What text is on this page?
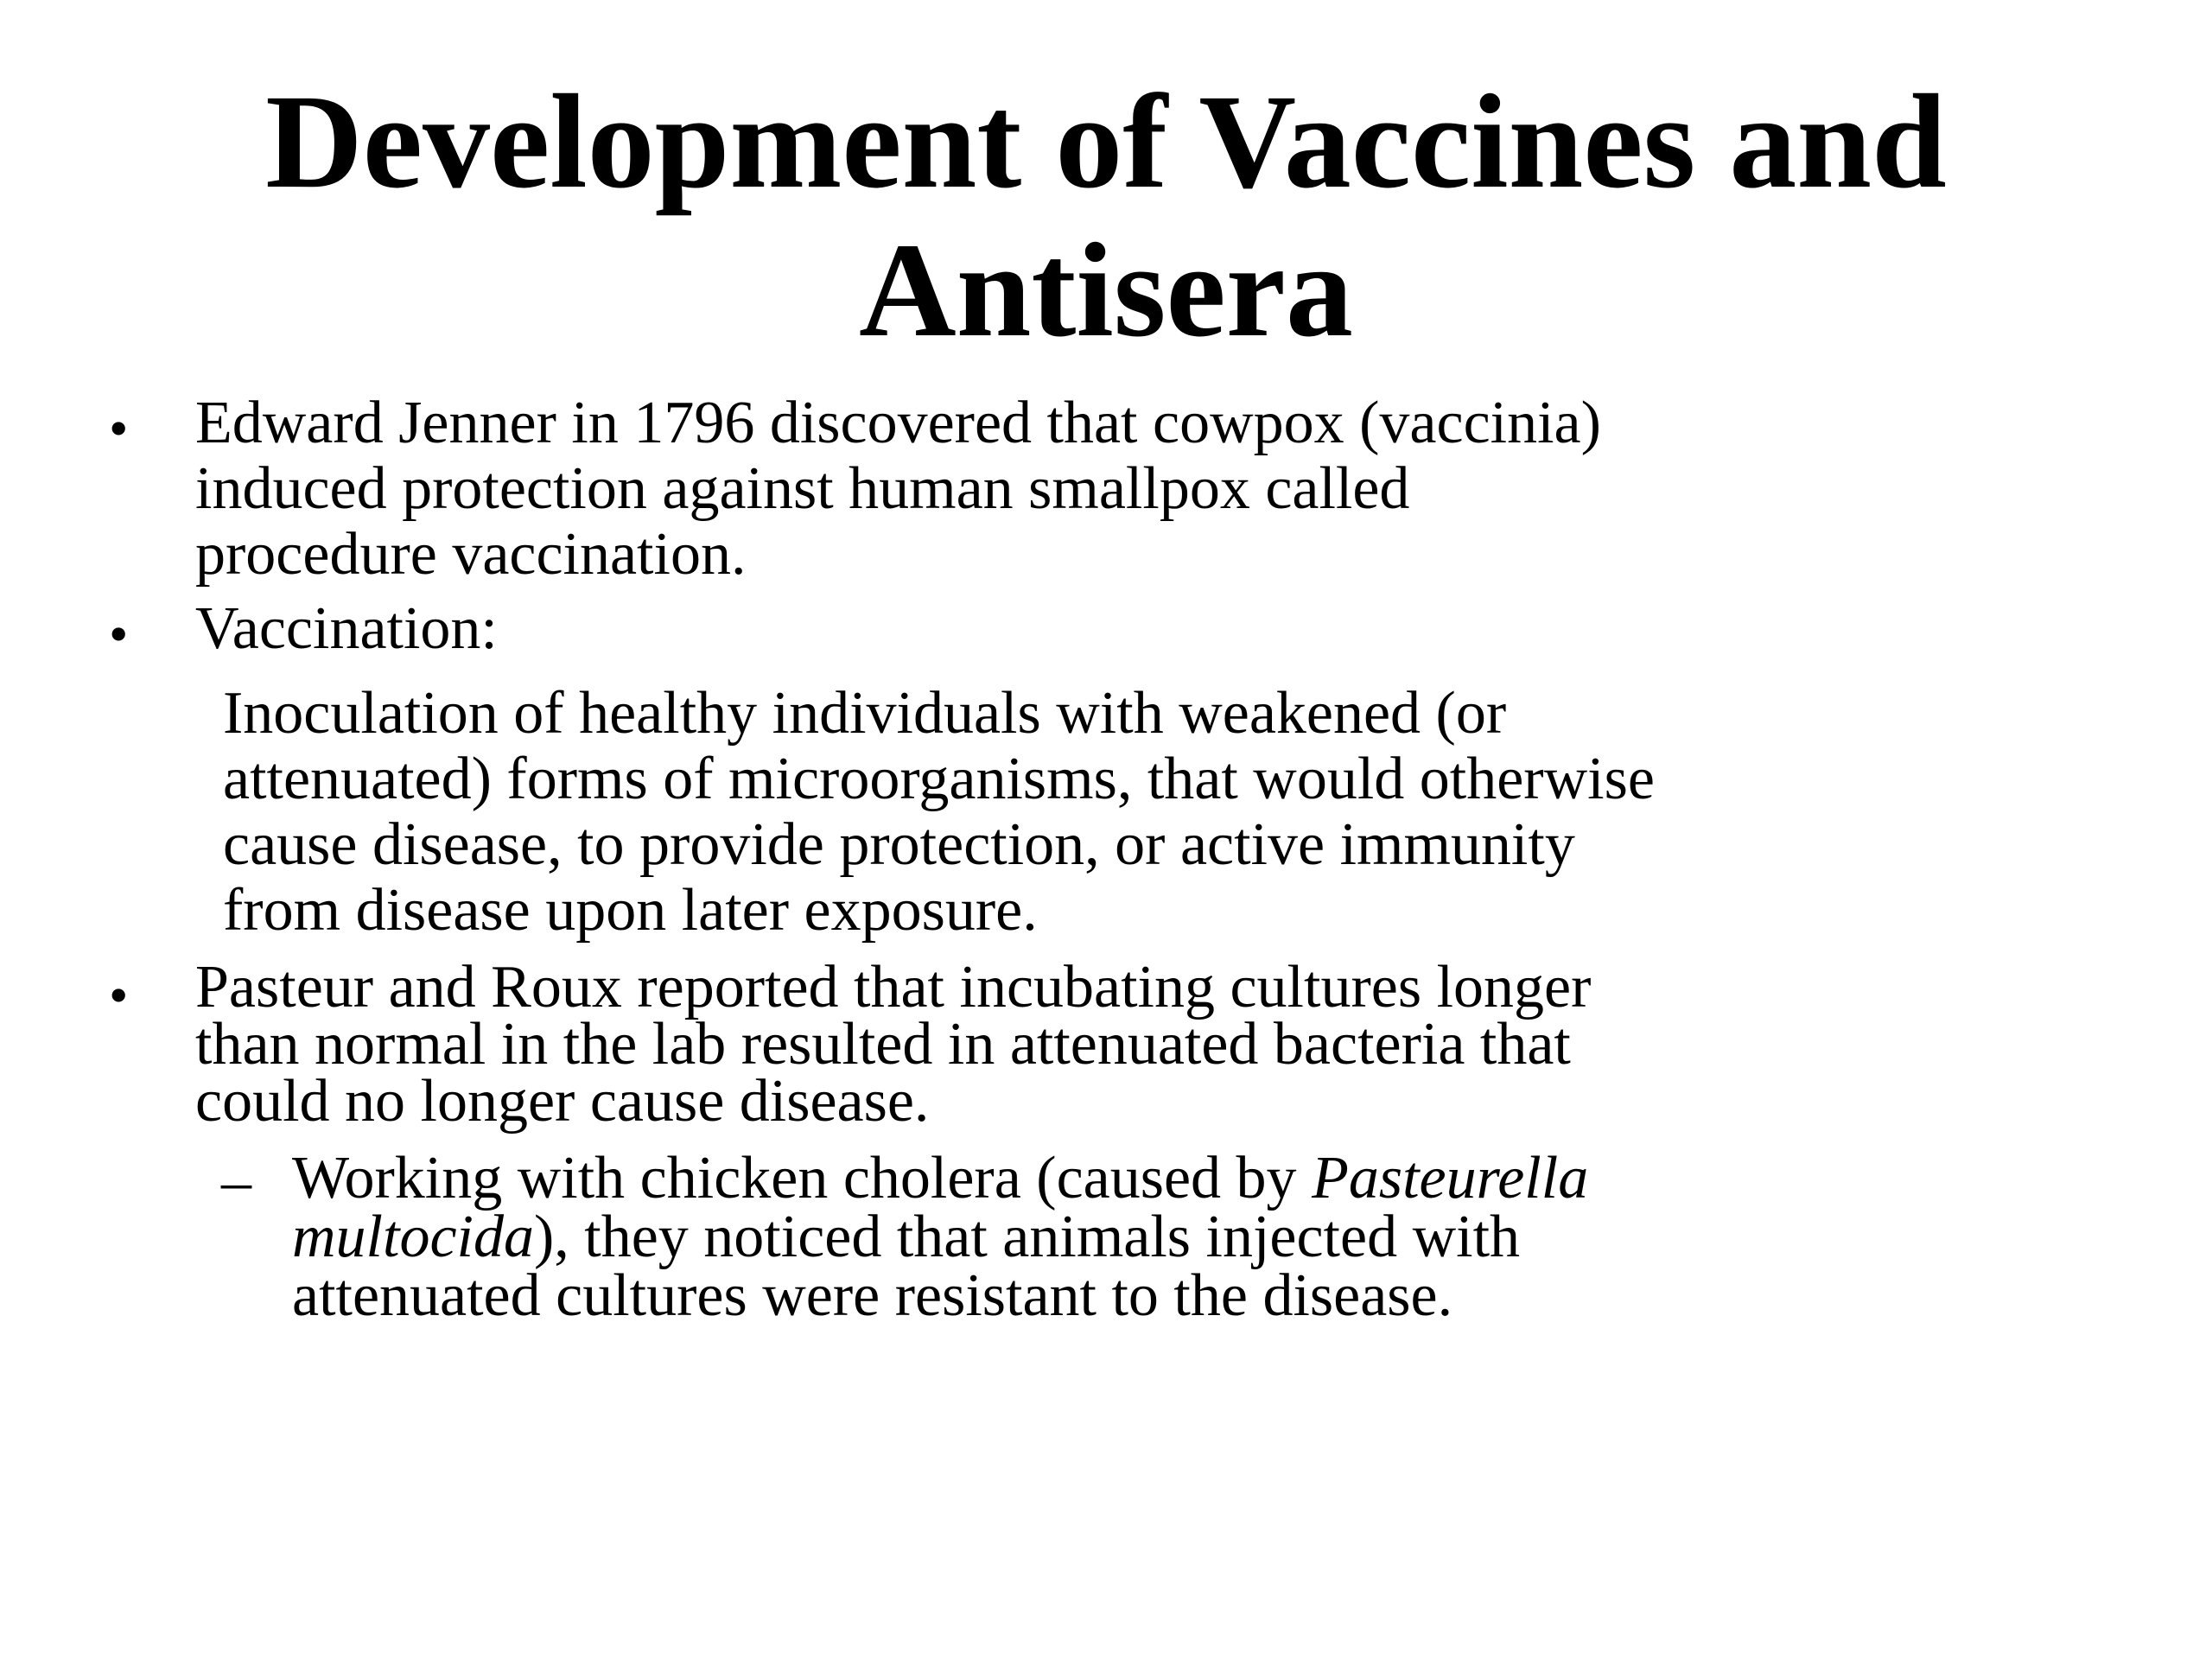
Development of Vaccines and
Antisera
• Edward Jenner in 1796 discovered that cowpox (vaccinia)
induced protection against human smallpox called
procedure vaccination.
• Vaccination:
Inoculation of healthy individuals with weakened (or
attenuated) forms of microorganisms, that would otherwise
cause disease, to provide protection, or active immunity
from disease upon later exposure.
• Pasteur and Roux reported that incubating cultures longer
than normal in the lab resulted in attenuated bacteria that
could no longer cause disease.
– Working with chicken cholera (caused by Pasteurella
multocida), they noticed that animals injected with
attenuated cultures were resistant to the disease.
